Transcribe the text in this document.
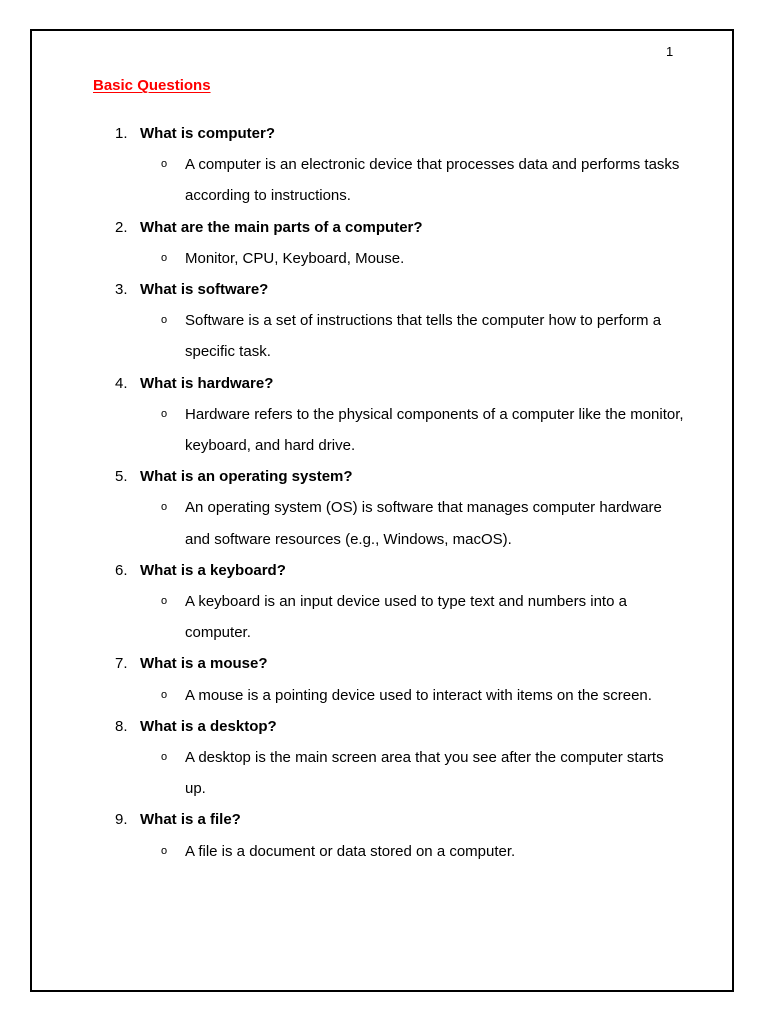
1
Basic Questions
1. What is computer?
o A computer is an electronic device that processes data and performs tasks according to instructions.
2. What are the main parts of a computer?
o Monitor, CPU, Keyboard, Mouse.
3. What is software?
o Software is a set of instructions that tells the computer how to perform a specific task.
4. What is hardware?
o Hardware refers to the physical components of a computer like the monitor, keyboard, and hard drive.
5. What is an operating system?
o An operating system (OS) is software that manages computer hardware and software resources (e.g., Windows, macOS).
6. What is a keyboard?
o A keyboard is an input device used to type text and numbers into a computer.
7. What is a mouse?
o A mouse is a pointing device used to interact with items on the screen.
8. What is a desktop?
o A desktop is the main screen area that you see after the computer starts up.
9. What is a file?
o A file is a document or data stored on a computer.
